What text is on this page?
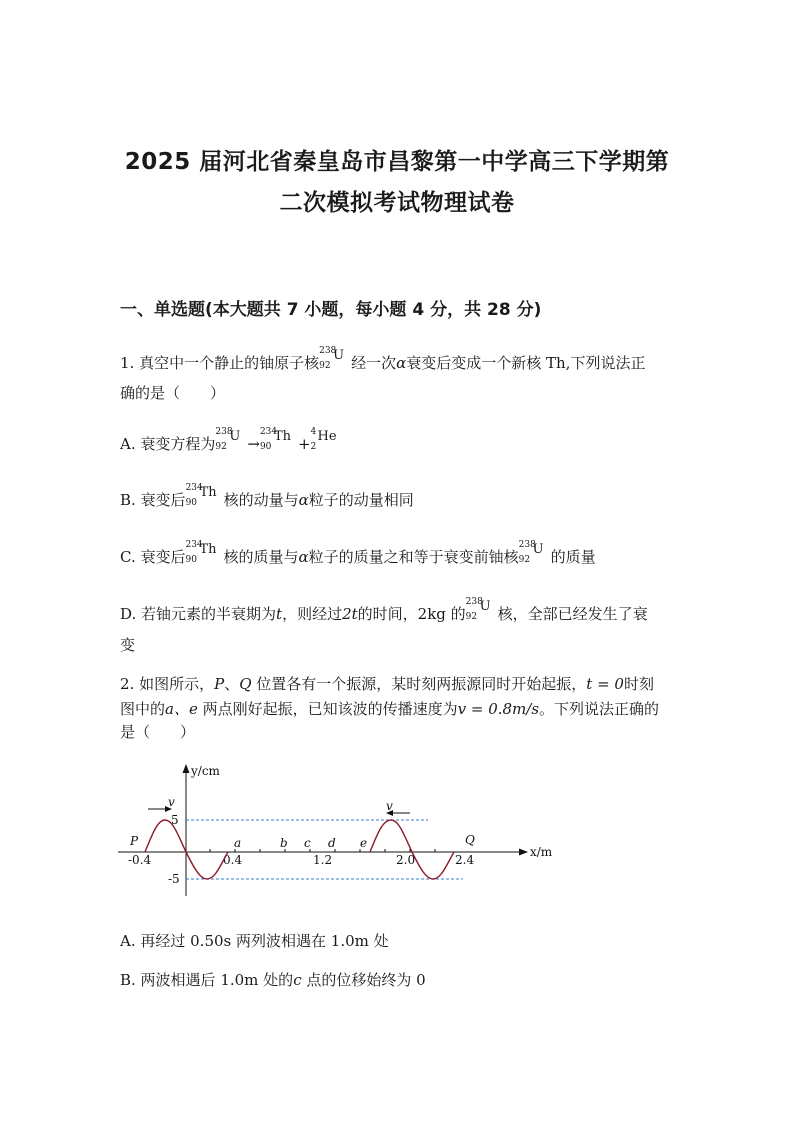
2025 届河北省秦皇岛市昌黎第一中学高三下学期第
二次模拟考试物理试卷
一、单选题(本大题共 7 小题，每小题 4 分，共 28 分)
1. 真空中一个静止的铀原子核
238
92
U 经一次α衰变后变成一个新核 Th,下列说法正
确的是（　　）
A. 衰变方程为
238
92
U →
234
90
Th +
4
2
He
B. 衰变后
234
90
Th 核的动量与α粒子的动量相同
C. 衰变后
234
90
Th 核的质量与α粒子的质量之和等于衰变前铀核
238
92
U 的质量
D. 若铀元素的半衰期为t，则经过2t的时间，2kg 的
238
92
U 核，全部已经发生了衰
变
2. 如图所示，P、Q 位置各有一个振源，某时刻两振源同时开始起振，t = 0时刻
图中的a、e 两点刚好起振，已知该波的传播速度为v = 0.8m/s。下列说法正确的
是（　　）
y/cm
x/m
5
-5
-0.4	0.4	1.2	2.0	2.4
a	b c d e
P	Q
v	v
A. 再经过 0.50s 两列波相遇在 1.0m 处
B. 两波相遇后 1.0m 处的c 点的位移始终为 0
